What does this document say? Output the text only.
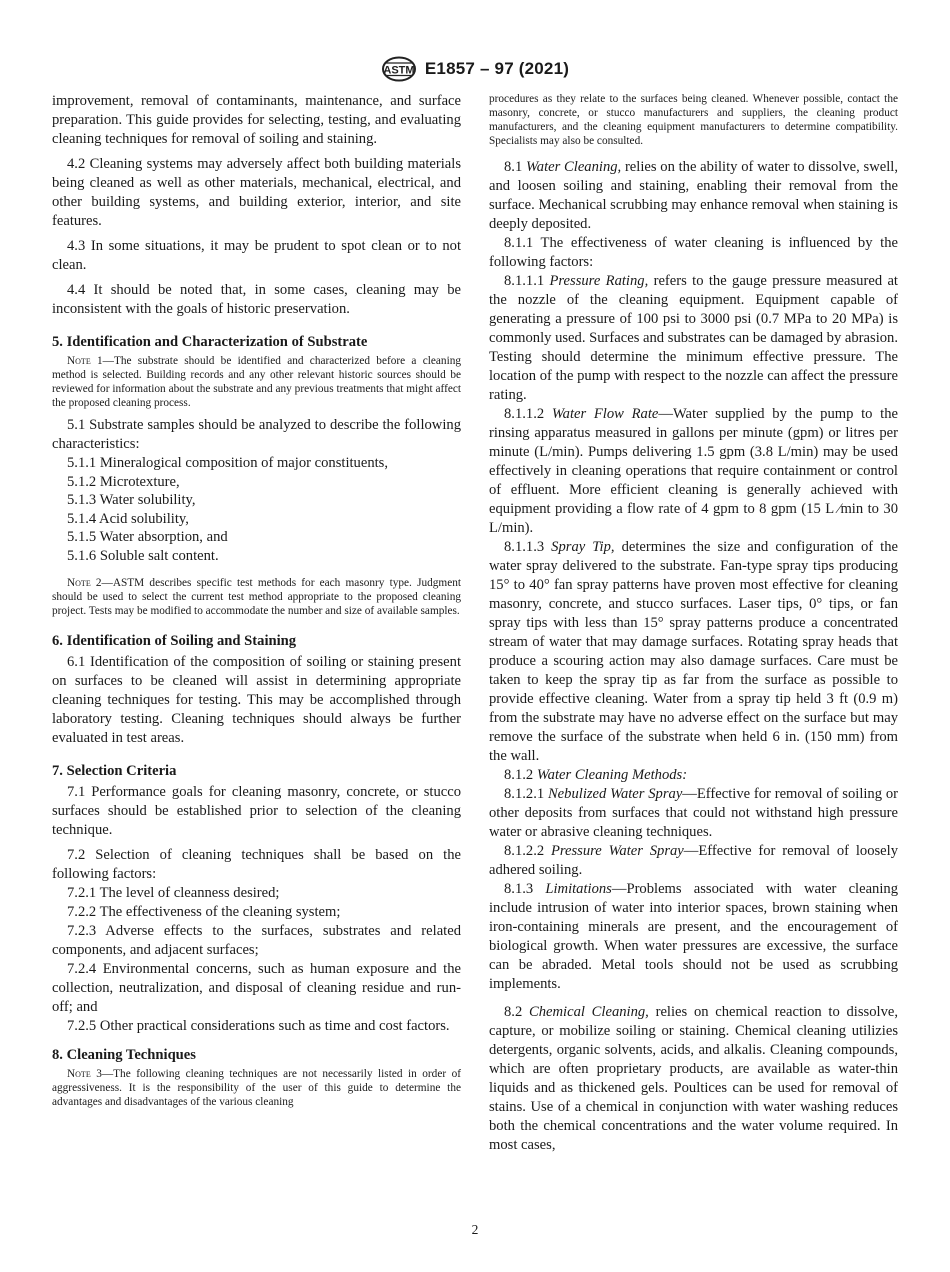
ASTM E1857 – 97 (2021)

improvement, removal of contaminants, maintenance, and surface preparation. This guide provides for selecting, testing, and evaluating cleaning techniques for removal of soiling and staining.

4.2 Cleaning systems may adversely affect both building materials being cleaned as well as other materials, mechanical, electrical, and other building systems, and building exterior, interior, and site features.

4.3 In some situations, it may be prudent to spot clean or to not clean.

4.4 It should be noted that, in some cases, cleaning may be inconsistent with the goals of historic preservation.

5. Identification and Characterization of Substrate

Note 1—The substrate should be identified and characterized before a cleaning method is selected. Building records and any other relevant historic sources should be reviewed for information about the substrate and any previous treatments that might affect the proposed cleaning process.

5.1 Substrate samples should be analyzed to describe the following characteristics:

5.1.1 Mineralogical composition of major constituents,

5.1.2 Microtexture,

5.1.3 Water solubility,

5.1.4 Acid solubility,

5.1.5 Water absorption, and

5.1.6 Soluble salt content.

Note 2—ASTM describes specific test methods for each masonry type. Judgment should be used to select the current test method appropriate to the proposed cleaning project. Tests may be modified to accommodate the number and size of available samples.

6. Identification of Soiling and Staining

6.1 Identification of the composition of soiling or staining present on surfaces to be cleaned will assist in determining appropriate cleaning techniques for testing. This may be accomplished through laboratory testing. Cleaning techniques should always be further evaluated in test areas.

7. Selection Criteria

7.1 Performance goals for cleaning masonry, concrete, or stucco surfaces should be established prior to selection of the cleaning technique.

7.2 Selection of cleaning techniques shall be based on the following factors:

7.2.1 The level of cleanness desired;

7.2.2 The effectiveness of the cleaning system;

7.2.3 Adverse effects to the surfaces, substrates and related components, and adjacent surfaces;

7.2.4 Environmental concerns, such as human exposure and the collection, neutralization, and disposal of cleaning residue and run-off; and

7.2.5 Other practical considerations such as time and cost factors.

8. Cleaning Techniques

Note 3—The following cleaning techniques are not necessarily listed in order of aggressiveness. It is the responsibility of the user of this guide to determine the advantages and disadvantages of the various cleaning

procedures as they relate to the surfaces being cleaned. Whenever possible, contact the masonry, concrete, or stucco manufacturers and suppliers, the cleaning product manufacturers, and the cleaning equipment manufacturers to determine compatibility. Specialists may also be consulted.

8.1 Water Cleaning, relies on the ability of water to dissolve, swell, and loosen soiling and staining, enabling their removal from the surface. Mechanical scrubbing may enhance removal when staining is deeply deposited.

8.1.1 The effectiveness of water cleaning is influenced by the following factors:

8.1.1.1 Pressure Rating, refers to the gauge pressure measured at the nozzle of the cleaning equipment. Equipment capable of generating a pressure of 100 psi to 3000 psi (0.7 MPa to 20 MPa) is commonly used. Surfaces and substrates can be damaged by abrasion. Testing should determine the minimum effective pressure. The location of the pump with respect to the nozzle can affect the pressure rating.

8.1.1.2 Water Flow Rate—Water supplied by the pump to the rinsing apparatus measured in gallons per minute (gpm) or litres per minute (L/min). Pumps delivering 1.5 gpm (3.8 L/min) may be used effectively in cleaning operations that require containment or control of effluent. More efficient cleaning is generally achieved with equipment providing a flow rate of 4 gpm to 8 gpm (15 L ⁄min to 30 L/min).

8.1.1.3 Spray Tip, determines the size and configuration of the water spray delivered to the substrate. Fan-type spray tips producing 15° to 40° fan spray patterns have proven most effective for cleaning masonry, concrete, and stucco surfaces. Laser tips, 0° tips, or fan spray tips with less than 15° spray patterns produce a concentrated stream of water that may damage surfaces. Rotating spray heads that produce a scouring action may also damage surfaces. Care must be taken to keep the spray tip as far from the surface as possible to provide effective cleaning. Water from a spray tip held 3 ft (0.9 m) from the substrate may have no adverse effect on the surface but may remove the surface of the substrate when held 6 in. (150 mm) from the wall.

8.1.2 Water Cleaning Methods:

8.1.2.1 Nebulized Water Spray—Effective for removal of soiling or other deposits from surfaces that could not withstand high pressure water or abrasive cleaning techniques.

8.1.2.2 Pressure Water Spray—Effective for removal of loosely adhered soiling.

8.1.3 Limitations—Problems associated with water cleaning include intrusion of water into interior spaces, brown staining when iron-containing minerals are present, and the encouragement of biological growth. When water pressures are excessive, the surface can be abraded. Metal tools should not be used as scrubbing implements.

8.2 Chemical Cleaning, relies on chemical reaction to dissolve, capture, or mobilize soiling or staining. Chemical cleaning utilizies detergents, organic solvents, acids, and alkalis. Cleaning compounds, which are often proprietary products, are available as water-thin liquids and as thickened gels. Poultices can be used for removal of stains. Use of a chemical in conjunction with water washing reduces both the chemical concentrations and the water volume required. In most cases,

2
